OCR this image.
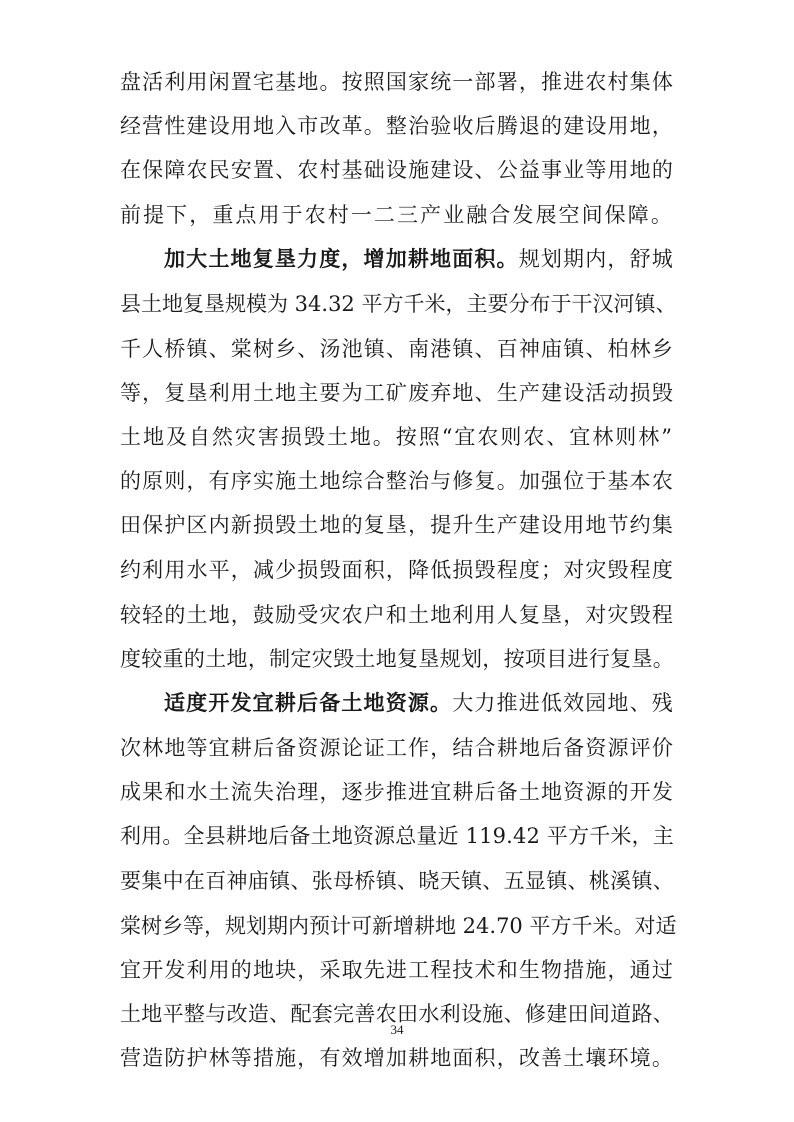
盘活利用闲置宅基地。按照国家统一部署，推进农村集体
经营性建设用地入市改革。整治验收后腾退的建设用地，
在保障农民安置、农村基础设施建设、公益事业等用地的
前提下，重点用于农村一二三产业融合发展空间保障。
加大土地复垦力度，增加耕地面积。 规划期内，舒城
县土地复垦规模为 34.32 平方千米，主要分布于干汉河镇、
千人桥镇、棠树乡、汤池镇、南港镇、百神庙镇、柏林乡
等，复垦利用土地主要为工矿废弃地、生产建设活动损毁
土地及自然灾害损毁土地。按照“宜农则农、宜林则林”
的原则，有序实施土地综合整治与修复。加强位于基本农
田保护区内新损毁土地的复垦，提升生产建设用地节约集
约利用水平，减少损毁面积，降低损毁程度；对灾毁程度
较轻的土地，鼓励受灾农户和土地利用人复垦，对灾毁程
度较重的土地，制定灾毁土地复垦规划，按项目进行复垦。
适度开发宜耕后备土地资源。 大力推进低效园地、残
次林地等宜耕后备资源论证工作，结合耕地后备资源评价
成果和水土流失治理，逐步推进宜耕后备土地资源的开发
利用。全县耕地后备土地资源总量近 119.42 平方千米，主
要集中在百神庙镇、张母桥镇、晓天镇、五显镇、桃溪镇、
棠树乡等，规划期内预计可新增耕地 24.70 平方千米。对适
宜开发利用的地块，采取先进工程技术和生物措施，通过
土地平整与改造、配套完善农田水利设施、修建田间道路、
营造防护林等措施，有效增加耕地面积，改善土壤环境。
34
